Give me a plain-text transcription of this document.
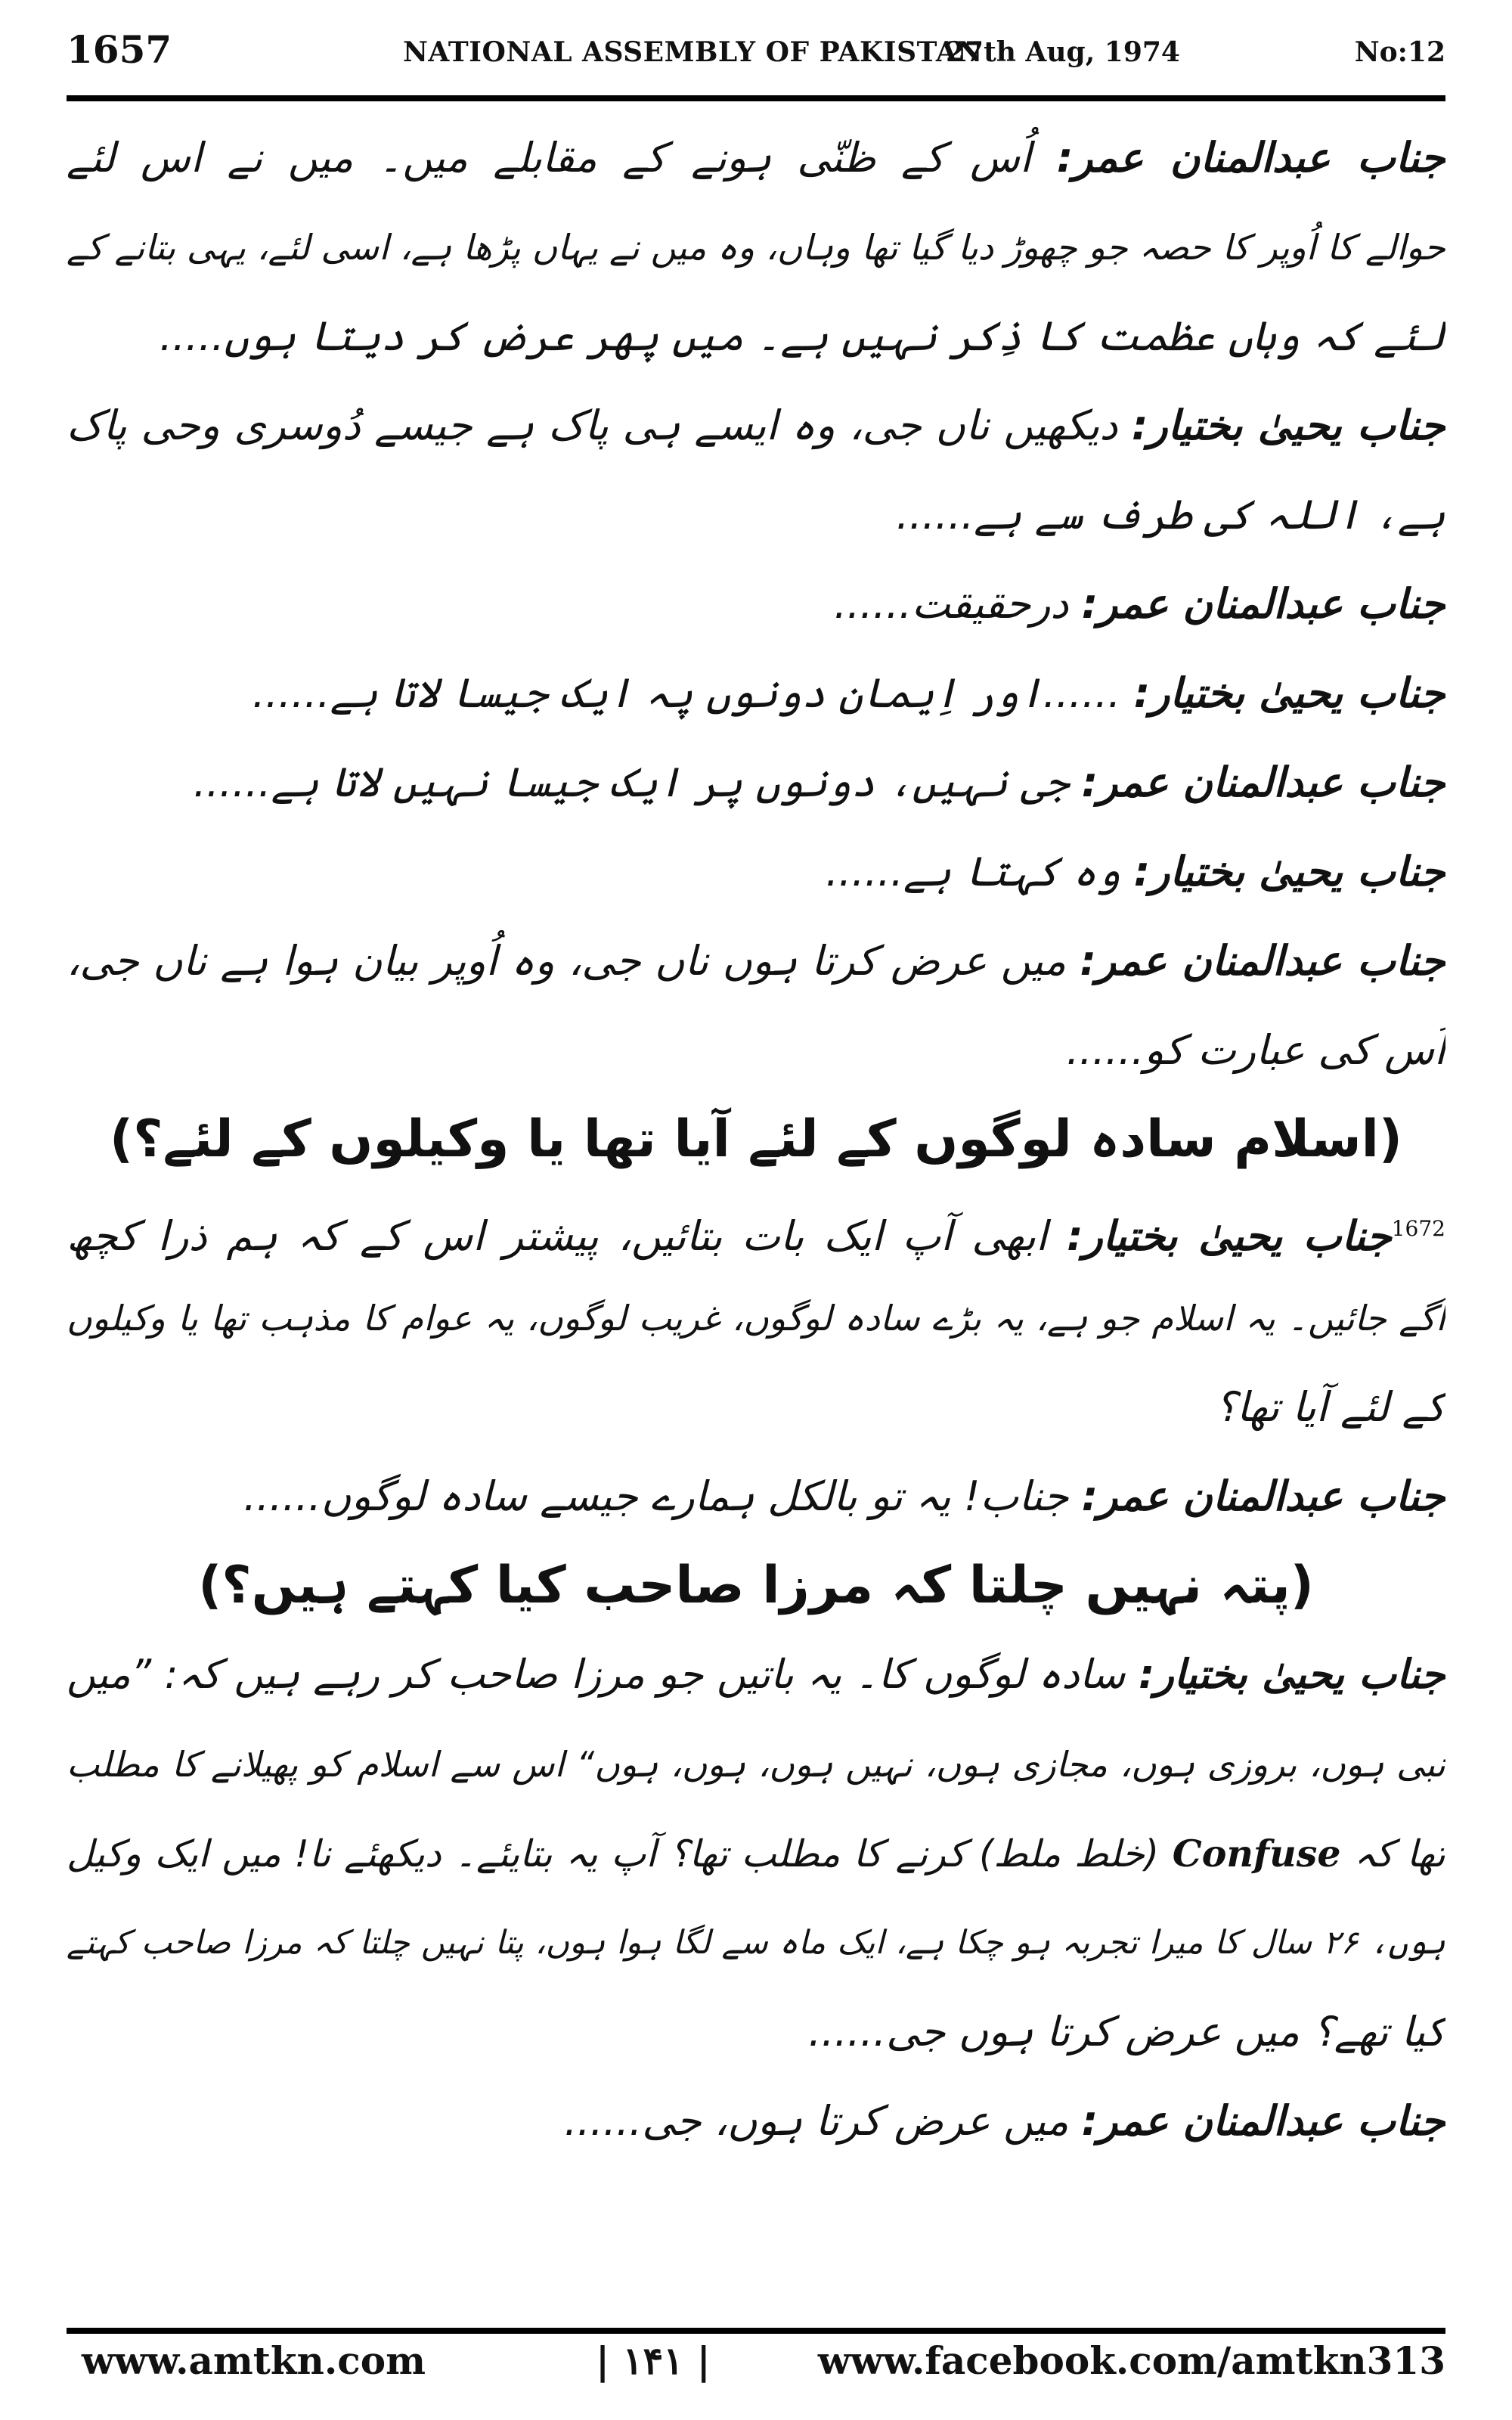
1657	NATIONAL ASSEMBLY OF PAKISTAN
27th Aug, 1974	No:12
جناب عبدالمنان عمر: اُس کے ظنّی ہونے کے مقابلے میں۔ میں نے اس لئے
حوالے کا اُوپر کا حصہ جو چھوڑ دیا گیا تھا وہاں، وہ میں نے یہاں پڑھا ہے، اسی لئے، یہی بتانے کے
لئے کہ وہاں عظمت کا ذِکر نہیں ہے۔ میں پھر عرض کر دیتا ہوں.....
جناب یحییٰ بختیار: دیکھیں ناں جی، وہ ایسے ہی پاک ہے جیسے دُوسری وحی پاک
ہے، اللہ کی طرف سے ہے......
جناب عبدالمنان عمر: درحقیقت......
جناب یحییٰ بختیار: ......اور اِیمان دونوں پہ ایک جیسا لاتا ہے......
جناب عبدالمنان عمر: جی نہیں، دونوں پر ایک جیسا نہیں لاتا ہے......
جناب یحییٰ بختیار: وہ کہتا ہے......
جناب عبدالمنان عمر: میں عرض کرتا ہوں ناں جی، وہ اُوپر بیان ہوا ہے ناں جی،
اُس کی عبارت کو......
(اسلام سادہ لوگوں کے لئے آیا تھا یا وکیلوں کے لئے؟)
$^{1672}$جناب یحییٰ بختیار: ابھی آپ ایک بات بتائیں، پیشتر اس کے کہ ہم ذرا کچھ
آگے جائیں۔ یہ اسلام جو ہے، یہ بڑے سادہ لوگوں، غریب لوگوں، یہ عوام کا مذہب تھا یا وکیلوں
کے لئے آیا تھا؟
جناب عبدالمنان عمر: جناب! یہ تو بالکل ہمارے جیسے سادہ لوگوں......
(پتہ نہیں چلتا کہ مرزا صاحب کیا کہتے ہیں؟)
جناب یحییٰ بختیار: سادہ لوگوں کا۔ یہ باتیں جو مرزا صاحب کر رہے ہیں کہ: ”میں
نبی ہوں، بروزی ہوں، مجازی ہوں، نہیں ہوں، ہوں، ہوں“ اس سے اسلام کو پھیلانے کا مطلب
تھا کہ Confuse (خلط ملط) کرنے کا مطلب تھا؟ آپ یہ بتایئے۔ دیکھئے نا! میں ایک وکیل
ہوں، ۲۶ سال کا میرا تجربہ ہو چکا ہے، ایک ماہ سے لگا ہوا ہوں، پتا نہیں چلتا کہ مرزا صاحب کہتے
کیا تھے؟ میں عرض کرتا ہوں جی......
جناب عبدالمنان عمر: میں عرض کرتا ہوں، جی......
www.amtkn.com	| ۱۴۱ |	www.facebook.com/amtkn313
